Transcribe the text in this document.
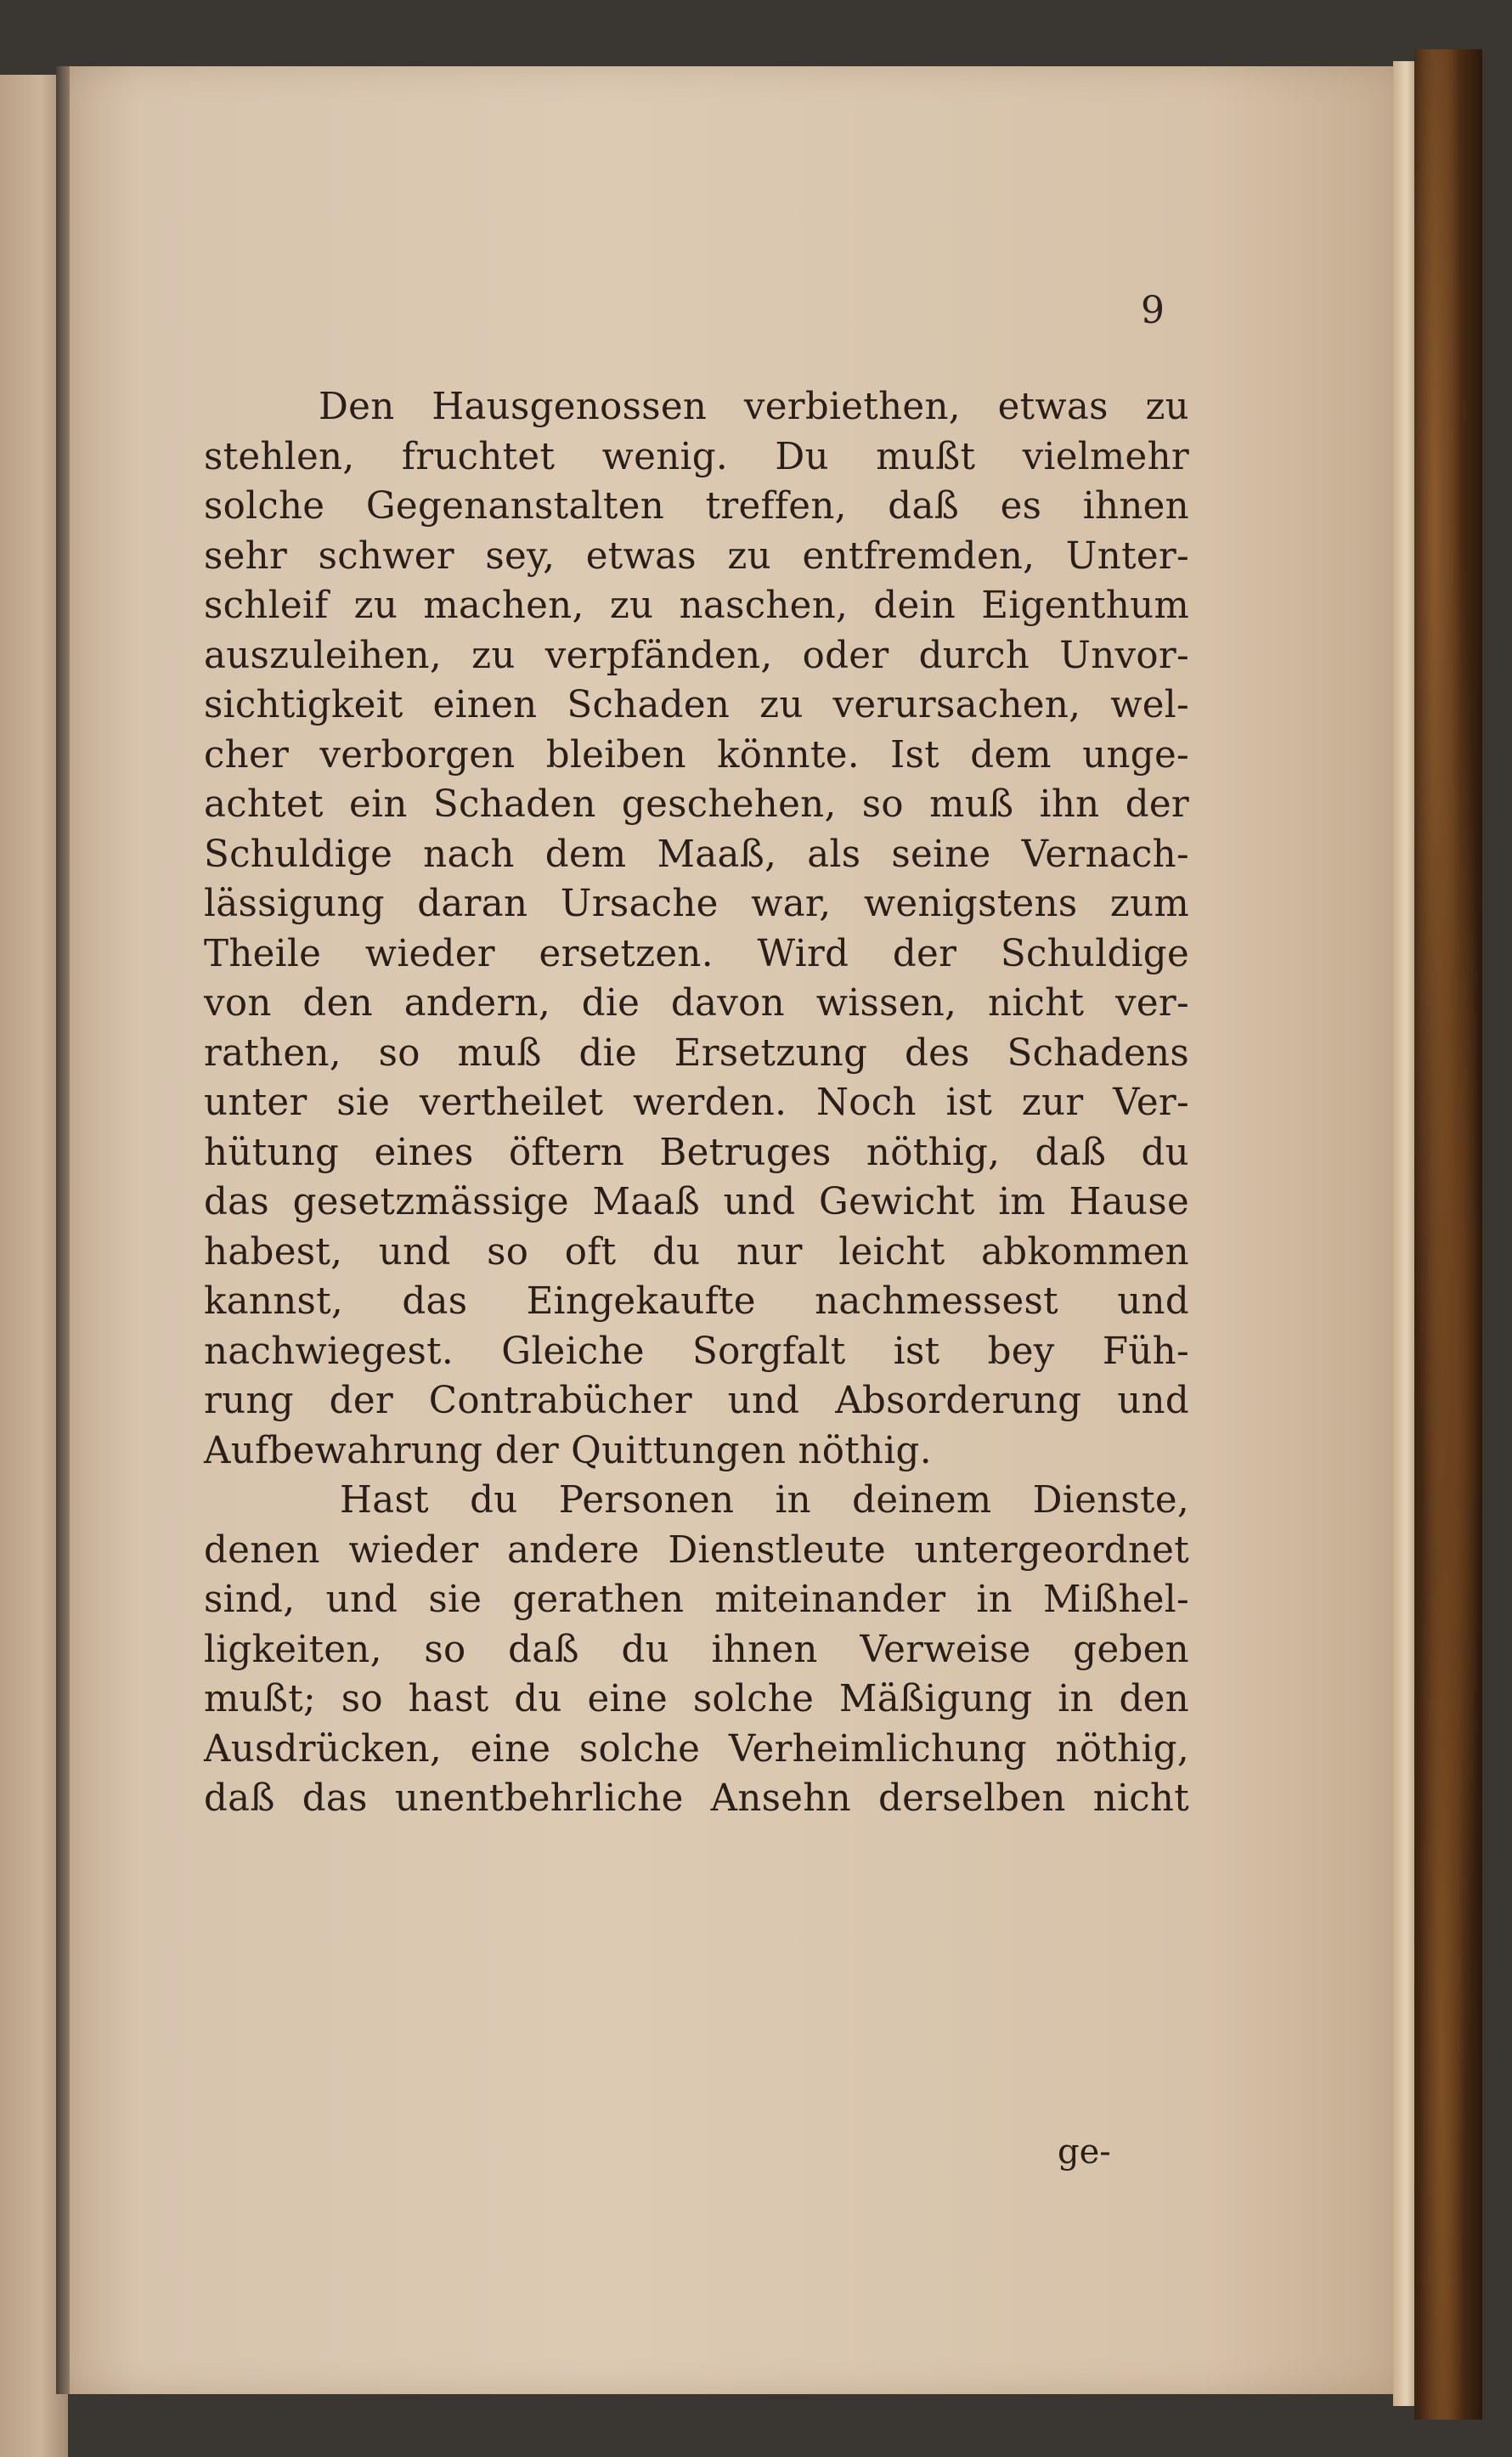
9
Den Hausgenossen verbiethen, etwas zu
stehlen, fruchtet wenig. Du mußt vielmehr
solche Gegenanstalten treffen, daß es ihnen
sehr schwer sey, etwas zu entfremden, Unter-
schleif zu machen, zu naschen, dein Eigenthum
auszuleihen, zu verpfänden, oder durch Unvor-
sichtigkeit einen Schaden zu verursachen, wel-
cher verborgen bleiben könnte. Ist dem unge-
achtet ein Schaden geschehen, so muß ihn der
Schuldige nach dem Maaß, als seine Vernach-
lässigung daran Ursache war, wenigstens zum
Theile wieder ersetzen. Wird der Schuldige
von den andern, die davon wissen, nicht ver-
rathen, so muß die Ersetzung des Schadens
unter sie vertheilet werden. Noch ist zur Ver-
hütung eines öftern Betruges nöthig, daß du
das gesetzmässige Maaß und Gewicht im Hause
habest, und so oft du nur leicht abkommen
kannst, das Eingekaufte nachmessest und
nachwiegest. Gleiche Sorgfalt ist bey Füh-
rung der Contrabücher und Absorderung und
Aufbewahrung der Quittungen nöthig.
Hast du Personen in deinem Dienste,
denen wieder andere Dienstleute untergeordnet
sind, und sie gerathen miteinander in Mißhel-
ligkeiten, so daß du ihnen Verweise geben
mußt; so hast du eine solche Mäßigung in den
Ausdrücken, eine solche Verheimlichung nöthig,
daß das unentbehrliche Ansehn derselben nicht
ge-
